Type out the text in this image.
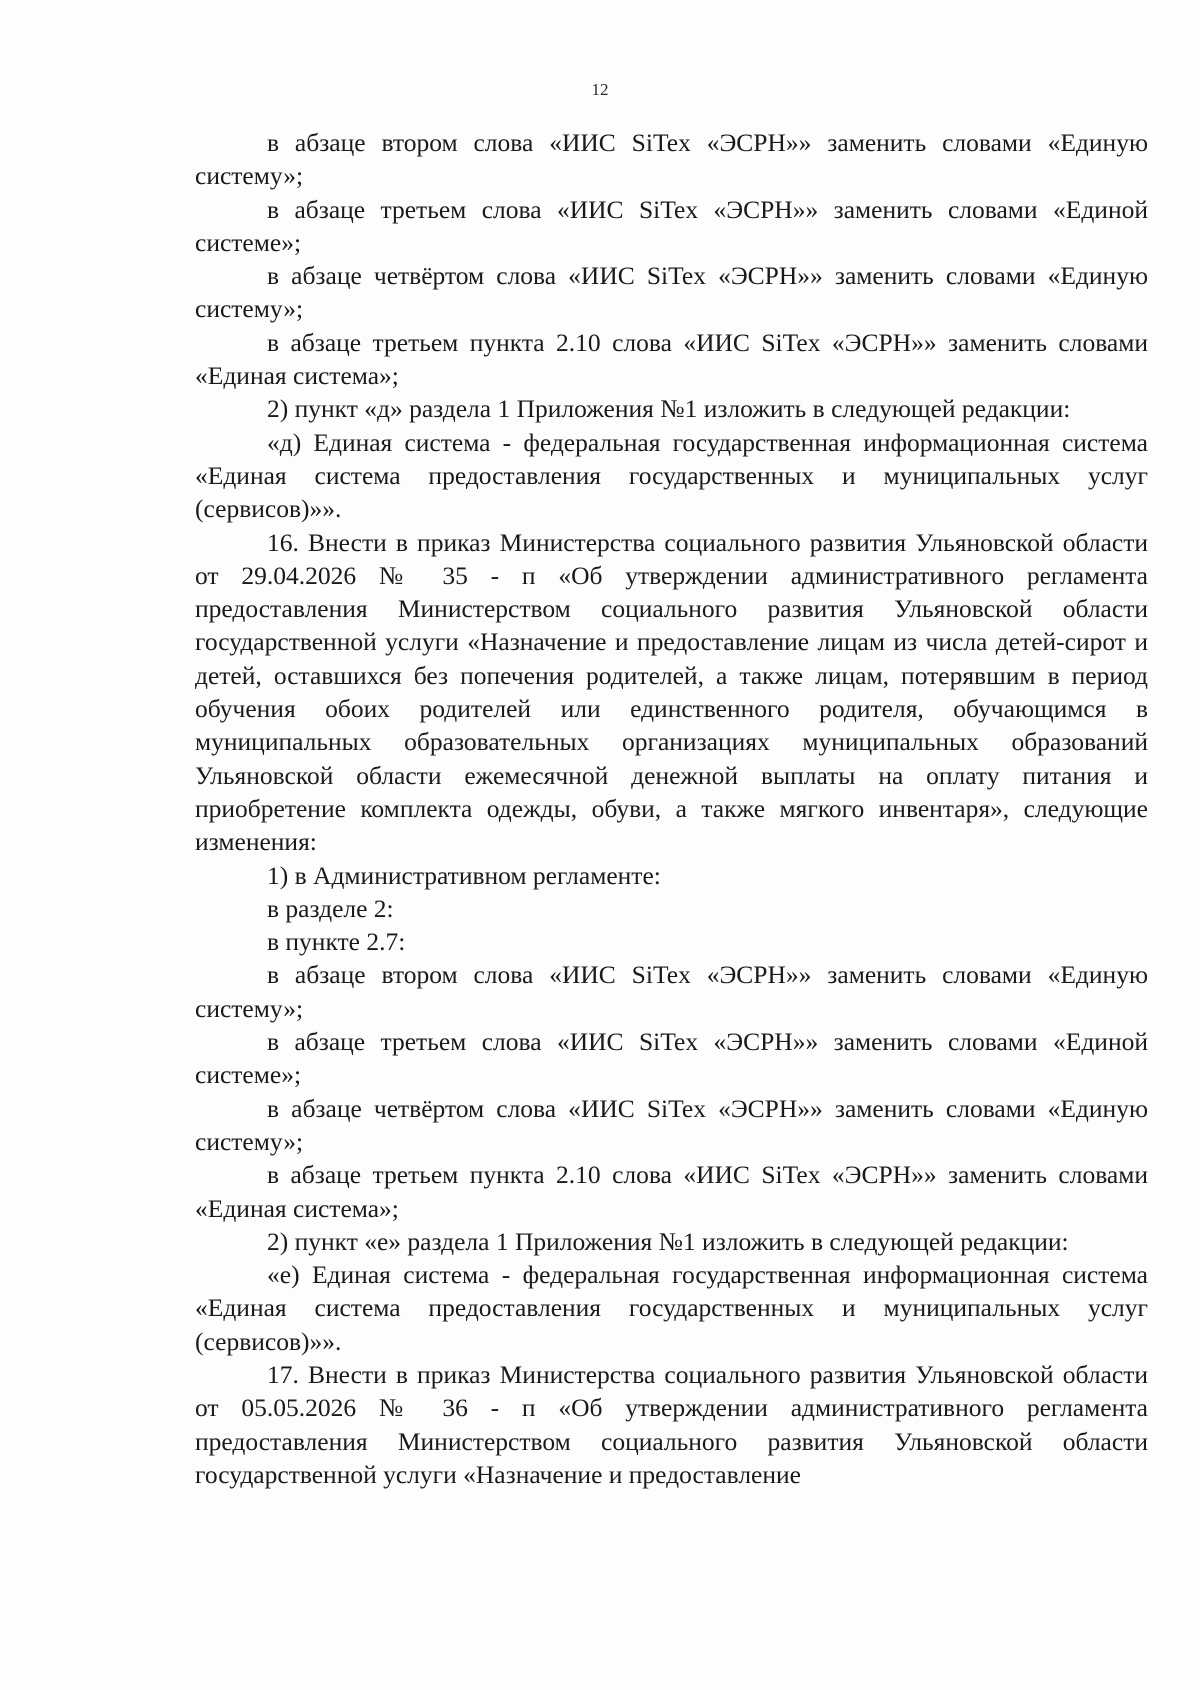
12

в абзаце втором слова «ИИС SiTex «ЭСРН»» заменить словами «Единую систему»;

в абзаце третьем слова «ИИС SiTex «ЭСРН»» заменить словами «Единой системе»;

в абзаце четвёртом слова «ИИС SiTex «ЭСРН»» заменить словами «Единую систему»;

в абзаце третьем пункта 2.10 слова «ИИС SiTex «ЭСРН»» заменить словами «Единая система»;

2) пункт «д» раздела 1 Приложения №1 изложить в следующей редакции:

«д) Единая система - федеральная государственная информационная система «Единая система предоставления государственных и муниципальных услуг (сервисов)»».

16. Внести в приказ Министерства социального развития Ульяновской области от 29.04.2026 № 35 - п «Об утверждении административного регламента предоставления Министерством социального развития Ульяновской области государственной услуги «Назначение и предоставление лицам из числа детей-сирот и детей, оставшихся без попечения родителей, а также лицам, потерявшим в период обучения обоих родителей или единственного родителя, обучающимся в муниципальных образовательных организациях муниципальных образований Ульяновской области ежемесячной денежной выплаты на оплату питания и приобретение комплекта одежды, обуви, а также мягкого инвентаря», следующие изменения:

1) в Административном регламенте:

в разделе 2:

в пункте 2.7:

в абзаце втором слова «ИИС SiTex «ЭСРН»» заменить словами «Единую систему»;

в абзаце третьем слова «ИИС SiTex «ЭСРН»» заменить словами «Единой системе»;

в абзаце четвёртом слова «ИИС SiTex «ЭСРН»» заменить словами «Единую систему»;

в абзаце третьем пункта 2.10 слова «ИИС SiTex «ЭСРН»» заменить словами «Единая система»;

2) пункт «е» раздела 1 Приложения №1 изложить в следующей редакции:

«е) Единая система - федеральная государственная информационная система «Единая система предоставления государственных и муниципальных услуг (сервисов)»».

17. Внести в приказ Министерства социального развития Ульяновской области от 05.05.2026 № 36 - п «Об утверждении административного регламента предоставления Министерством социального развития Ульяновской области государственной услуги «Назначение и предоставление
